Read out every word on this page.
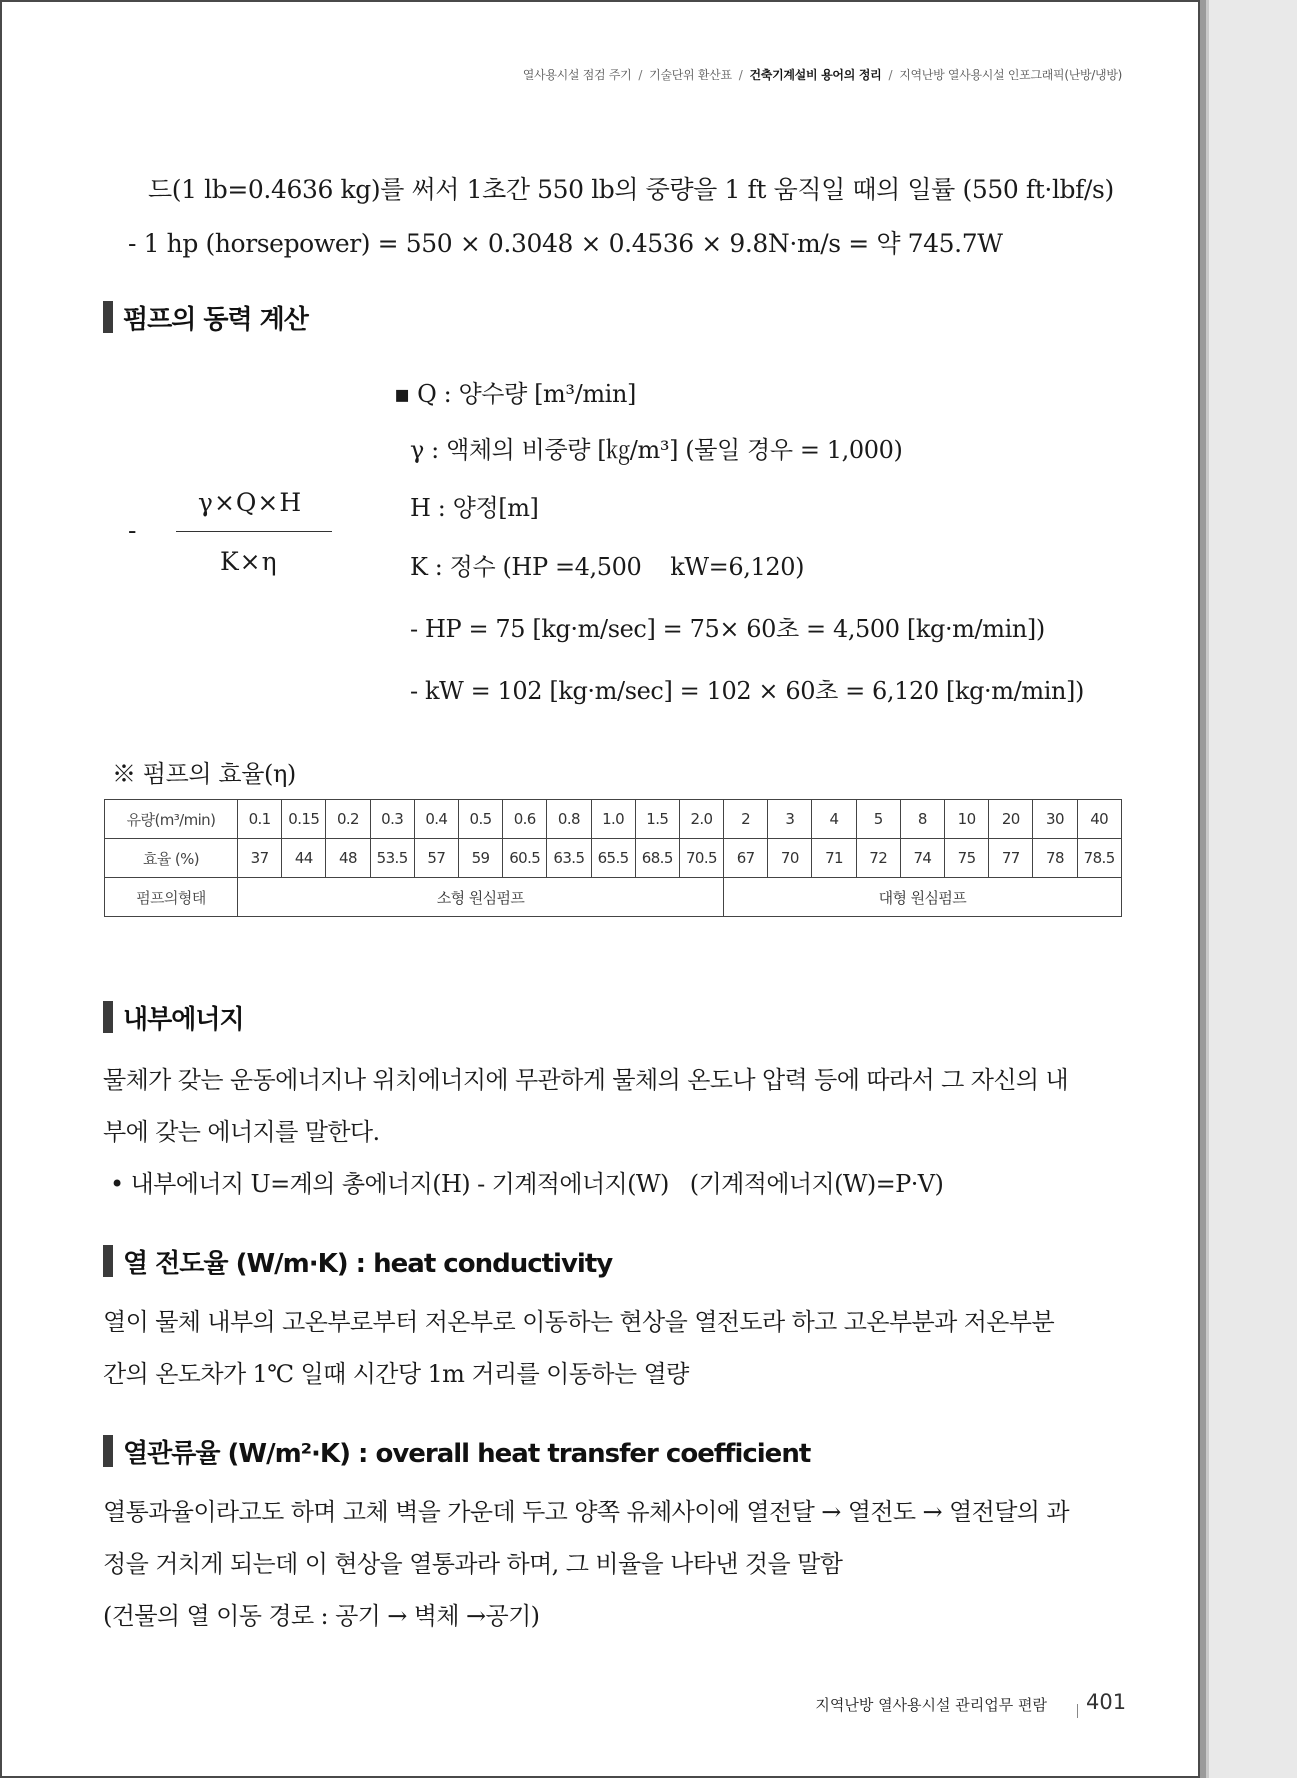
열사용시설 점검 주기 / 기술단위 환산표 / 건축기계설비 용어의 정리 / 지역난방 열사용시설 인포그래픽(난방/냉방)
드(1 lb=0.4636 kg)를 써서 1초간 550 lb의 중량을 1 ft 움직일 때의 일률 (550 ft·lbf/s)
- 1 hp (horsepower) = 550 × 0.3048 × 0.4536 × 9.8N·m/s = 약 745.7W
펌프의 동력 계산
-
γ×Q×H
K×η
▪ Q : 양수량 [m³/min]
γ : 액체의 비중량 [㎏/m³] (물일 경우 = 1,000)
H : 양정[m]
K : 정수 (HP =4,500    kW=6,120)
- HP = 75 [kg·m/sec] = 75× 60초 = 4,500 [kg·m/min])
- kW = 102 [kg·m/sec] = 102 × 60초 = 6,120 [kg·m/min])
※ 펌프의 효율(η)
유량(m³/min)	0.1	0.15	0.2	0.3	0.4	0.5	0.6	0.8	1.0	1.5	2.0	2	3	4	5	8	10	20	30	40
효율 (%)	37	44	48	53.5	57	59	60.5	63.5	65.5	68.5	70.5	67	70	71	72	74	75	77	78	78.5
펌프의형태	소형 원심펌프											대형 원심펌프								
내부에너지
물체가 갖는 운동에너지나 위치에너지에 무관하게 물체의 온도나 압력 등에 따라서 그 자신의 내
부에 갖는 에너지를 말한다.
• 내부에너지 U=계의 총에너지(H) - 기계적에너지(W)   (기계적에너지(W)=P·V)
열 전도율 (W/m·K) : heat conductivity
열이 물체 내부의 고온부로부터 저온부로 이동하는 현상을 열전도라 하고 고온부분과 저온부분
간의 온도차가 1℃ 일때 시간당 1m 거리를 이동하는 열량
열관류율 (W/m²·K) : overall heat transfer coefficient
열통과율이라고도 하며 고체 벽을 가운데 두고 양쪽 유체사이에 열전달 → 열전도 → 열전달의 과
정을 거치게 되는데 이 현상을 열통과라 하며, 그 비율을 나타낸 것을 말함
(건물의 열 이동 경로 : 공기 → 벽체 →공기)
지역난방 열사용시설 관리업무 편람 401
